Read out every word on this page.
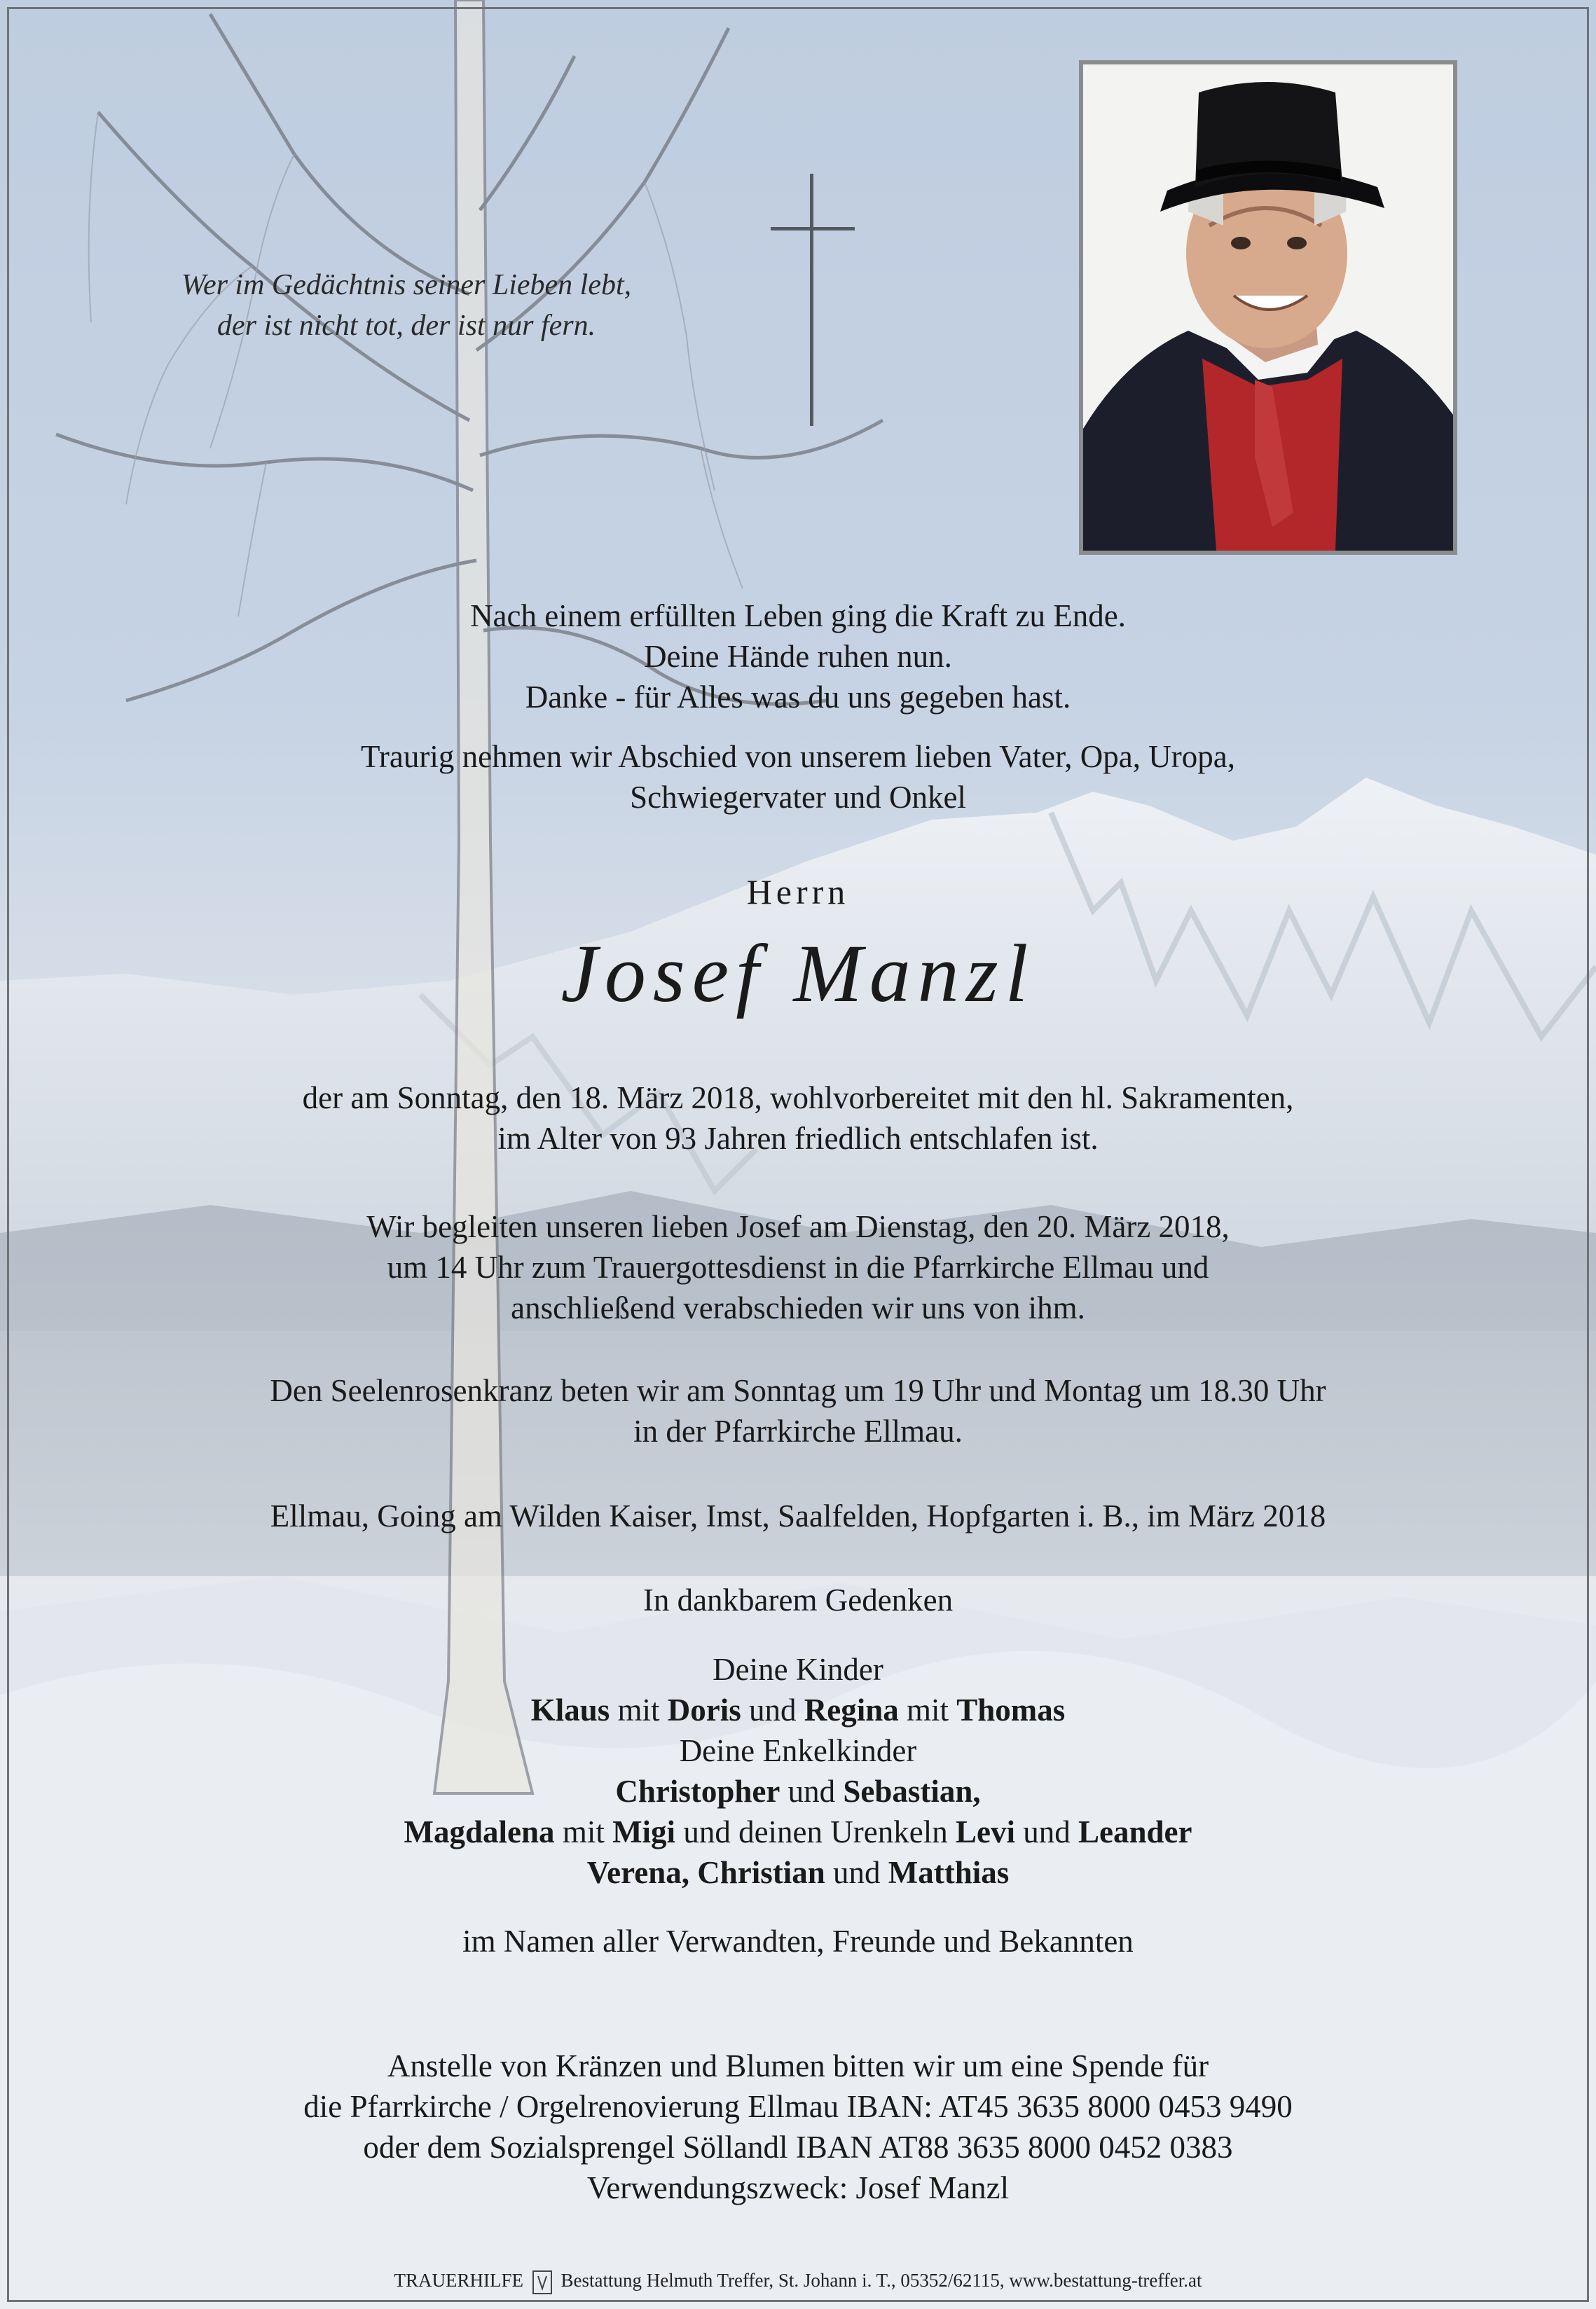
Wer im Gedächtnis seiner Lieben lebt,
der ist nicht tot, der ist nur fern.
Nach einem erfüllten Leben ging die Kraft zu Ende.
Deine Hände ruhen nun.
Danke - für Alles was du uns gegeben hast.
Traurig nehmen wir Abschied von unserem lieben Vater, Opa, Uropa,
Schwiegervater und Onkel
Herrn
Josef Manzl
der am Sonntag, den 18. März 2018, wohlvorbereitet mit den hl. Sakramenten,
im Alter von 93 Jahren friedlich entschlafen ist.
Wir begleiten unseren lieben Josef am Dienstag, den 20. März 2018,
um 14 Uhr zum Trauergottesdienst in die Pfarrkirche Ellmau und
anschließend verabschieden wir uns von ihm.
Den Seelenrosenkranz beten wir am Sonntag um 19 Uhr und Montag um 18.30 Uhr
in der Pfarrkirche Ellmau.
Ellmau, Going am Wilden Kaiser, Imst, Saalfelden, Hopfgarten i. B., im März 2018
In dankbarem Gedenken
Deine Kinder
Klaus mit Doris und Regina mit Thomas
Deine Enkelkinder
Christopher und Sebastian,
Magdalena mit Migi und deinen Urenkeln Levi und Leander
Verena, Christian und Matthias
im Namen aller Verwandten, Freunde und Bekannten
Anstelle von Kränzen und Blumen bitten wir um eine Spende für
die Pfarrkirche / Orgelrenovierung Ellmau IBAN: AT45 3635 8000 0453 9490
oder dem Sozialsprengel Söllandl IBAN AT88 3635 8000 0452 0383
Verwendungszweck: Josef Manzl
TRAUERHILFE Bestattung Helmuth Treffer, St. Johann i. T., 05352/62115, www.bestattung-treffer.at
